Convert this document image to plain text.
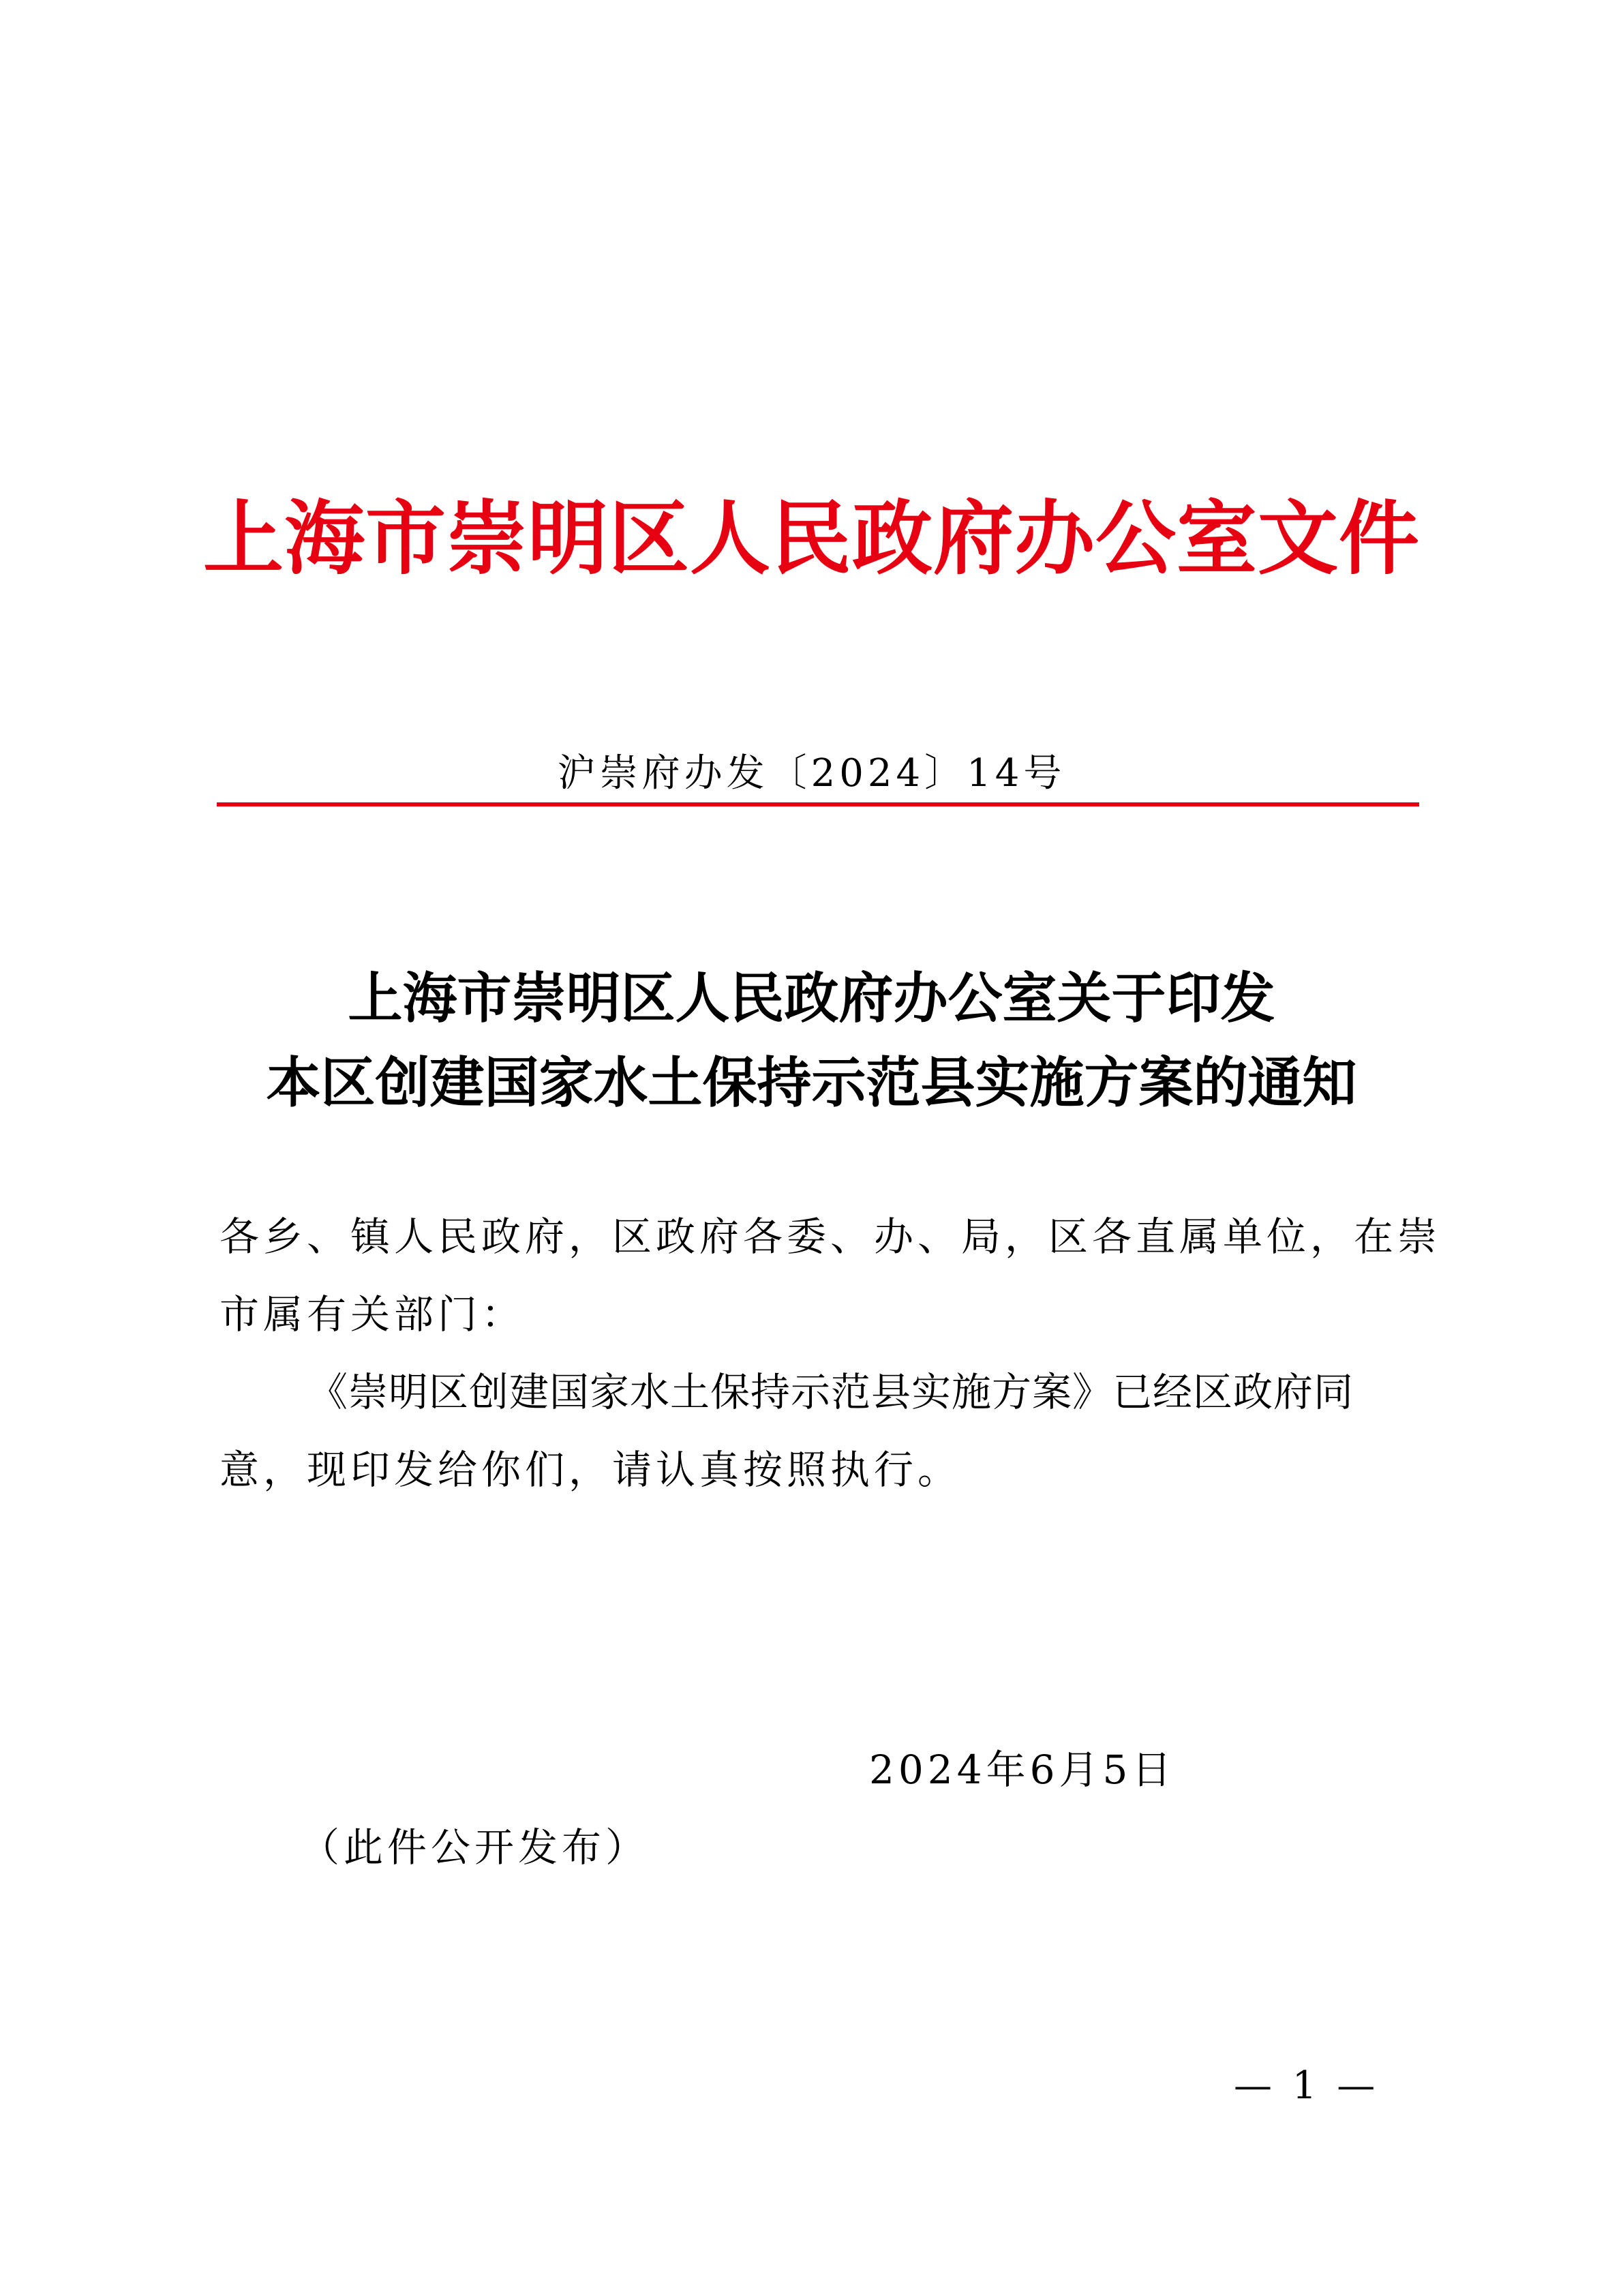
上海市崇明区人民政府办公室文件
沪崇府办发〔2024〕14号
上海市崇明区人民政府办公室关于印发
本区创建国家水土保持示范县实施方案的通知
各乡、镇人民政府，区政府各委、办、局，区各直属单位，在崇
市属有关部门：
《崇明区创建国家水土保持示范县实施方案》已经区政府同
意，现印发给你们，请认真按照执行。
2024年6月5日
（此件公开发布）
— 1 —
